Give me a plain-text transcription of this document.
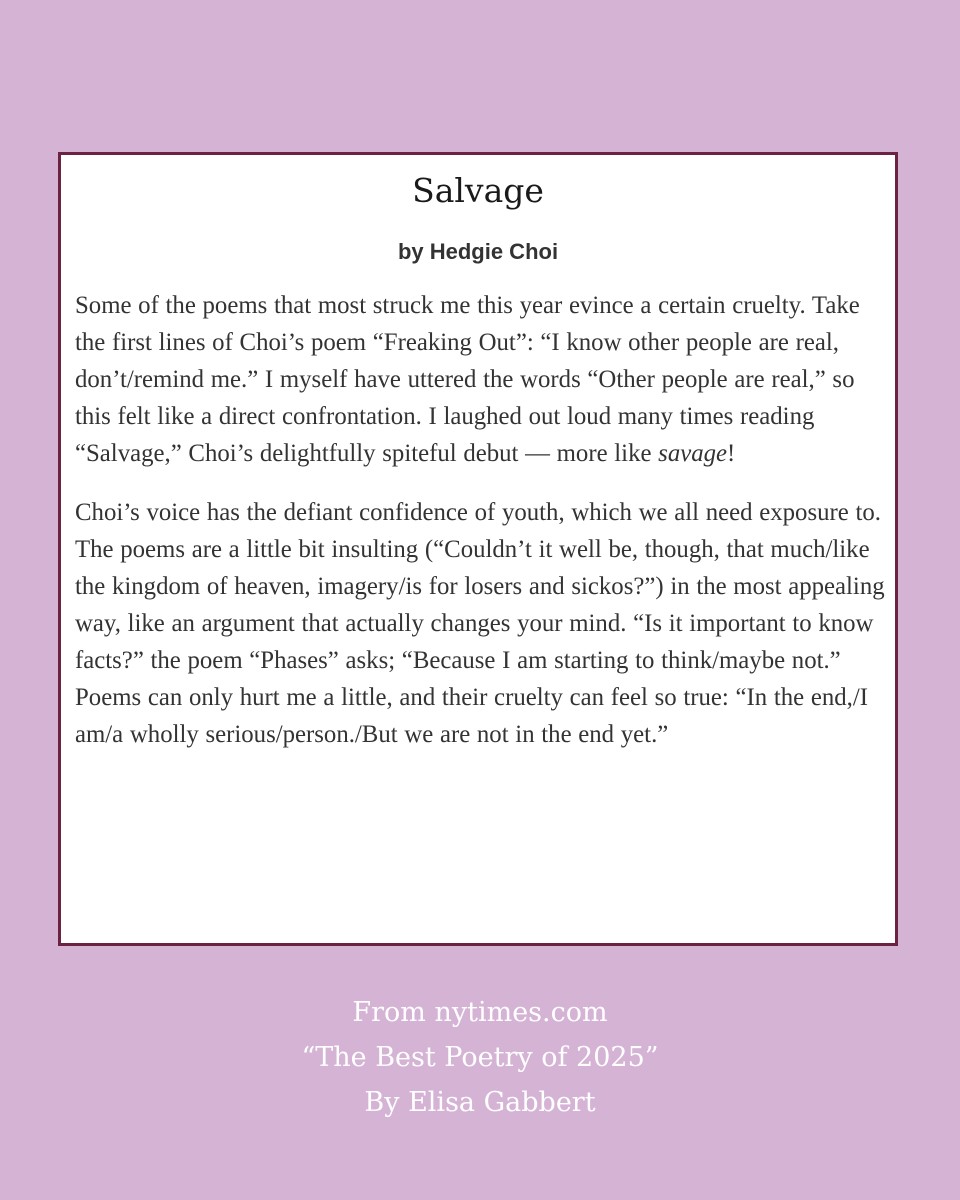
Salvage
by Hedgie Choi

Some of the poems that most struck me this year evince a certain cruelty. Take the first lines of Choi’s poem “Freaking Out”: “I know other people are real, don’t/remind me.” I myself have uttered the words “Other people are real,” so this felt like a direct confrontation. I laughed out loud many times reading “Salvage,” Choi’s delightfully spiteful debut — more like savage!

Choi’s voice has the defiant confidence of youth, which we all need exposure to. The poems are a little bit insulting (“Couldn’t it well be, though, that much/like the kingdom of heaven, imagery/is for losers and sickos?”) in the most appealing way, like an argument that actually changes your mind. “Is it important to know facts?” the poem “Phases” asks; “Because I am starting to think/maybe not.” Poems can only hurt me a little, and their cruelty can feel so true: “In the end,/I am/a wholly serious/person./But we are not in the end yet.”

From nytimes.com
“The Best Poetry of 2025”
By Elisa Gabbert
